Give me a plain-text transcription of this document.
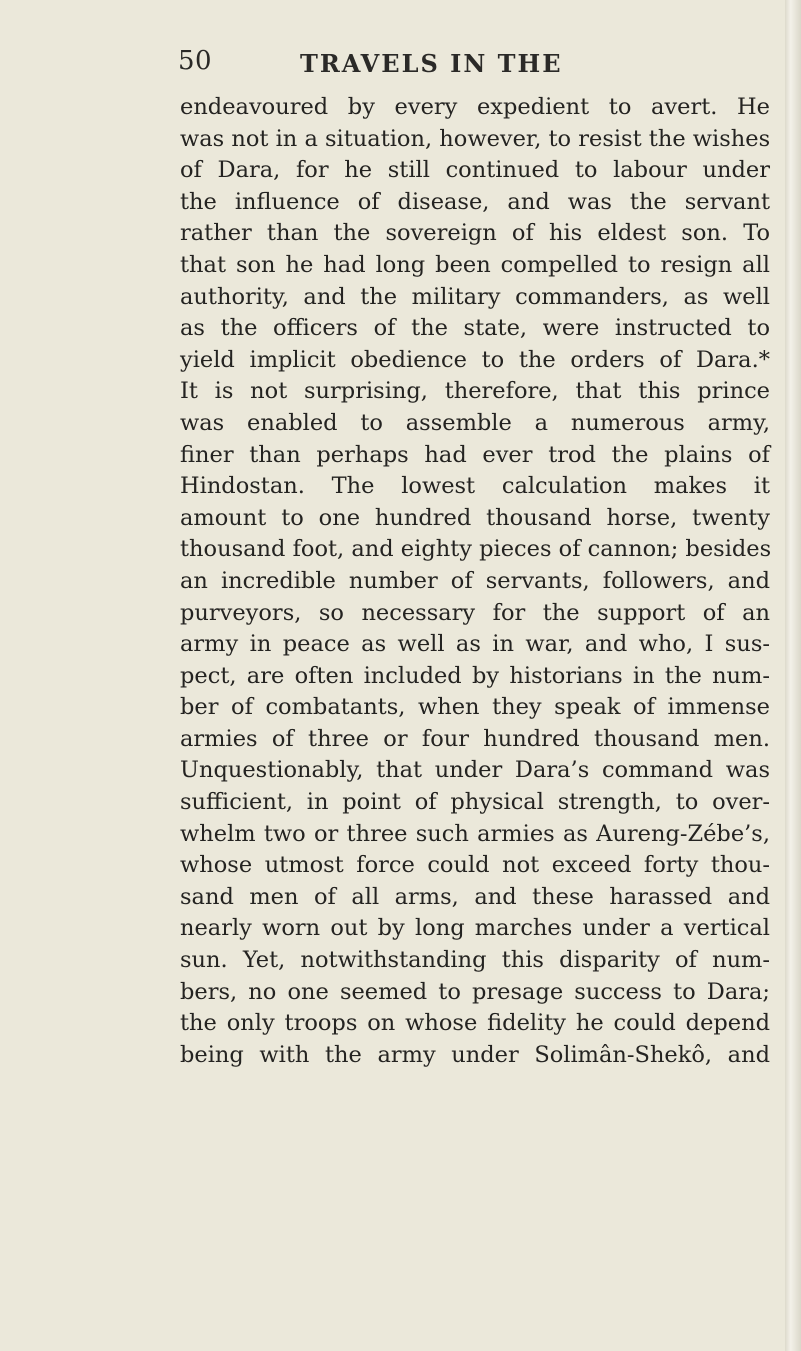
50	TRAVELS IN THE
endeavoured by every expedient to avert. He
was not in a situation, however, to resist the wishes
of Dara, for he still continued to labour under
the influence of disease, and was the servant
rather than the sovereign of his eldest son. To
that son he had long been compelled to resign all
authority, and the military commanders, as well
as the officers of the state, were instructed to
yield implicit obedience to the orders of Dara.*
It is not surprising, therefore, that this prince
was enabled to assemble a numerous army,
finer than perhaps had ever trod the plains of
Hindostan. The lowest calculation makes it
amount to one hundred thousand horse, twenty
thousand foot, and eighty pieces of cannon; besides
an incredible number of servants, followers, and
purveyors, so necessary for the support of an
army in peace as well as in war, and who, I sus-
pect, are often included by historians in the num-
ber of combatants, when they speak of immense
armies of three or four hundred thousand men.
Unquestionably, that under Dara’s command was
sufficient, in point of physical strength, to over-
whelm two or three such armies as Aureng-Zébe’s,
whose utmost force could not exceed forty thou-
sand men of all arms, and these harassed and
nearly worn out by long marches under a vertical
sun. Yet, notwithstanding this disparity of num-
bers, no one seemed to presage success to Dara;
the only troops on whose fidelity he could depend
being with the army under Solimân-Shekô, and
